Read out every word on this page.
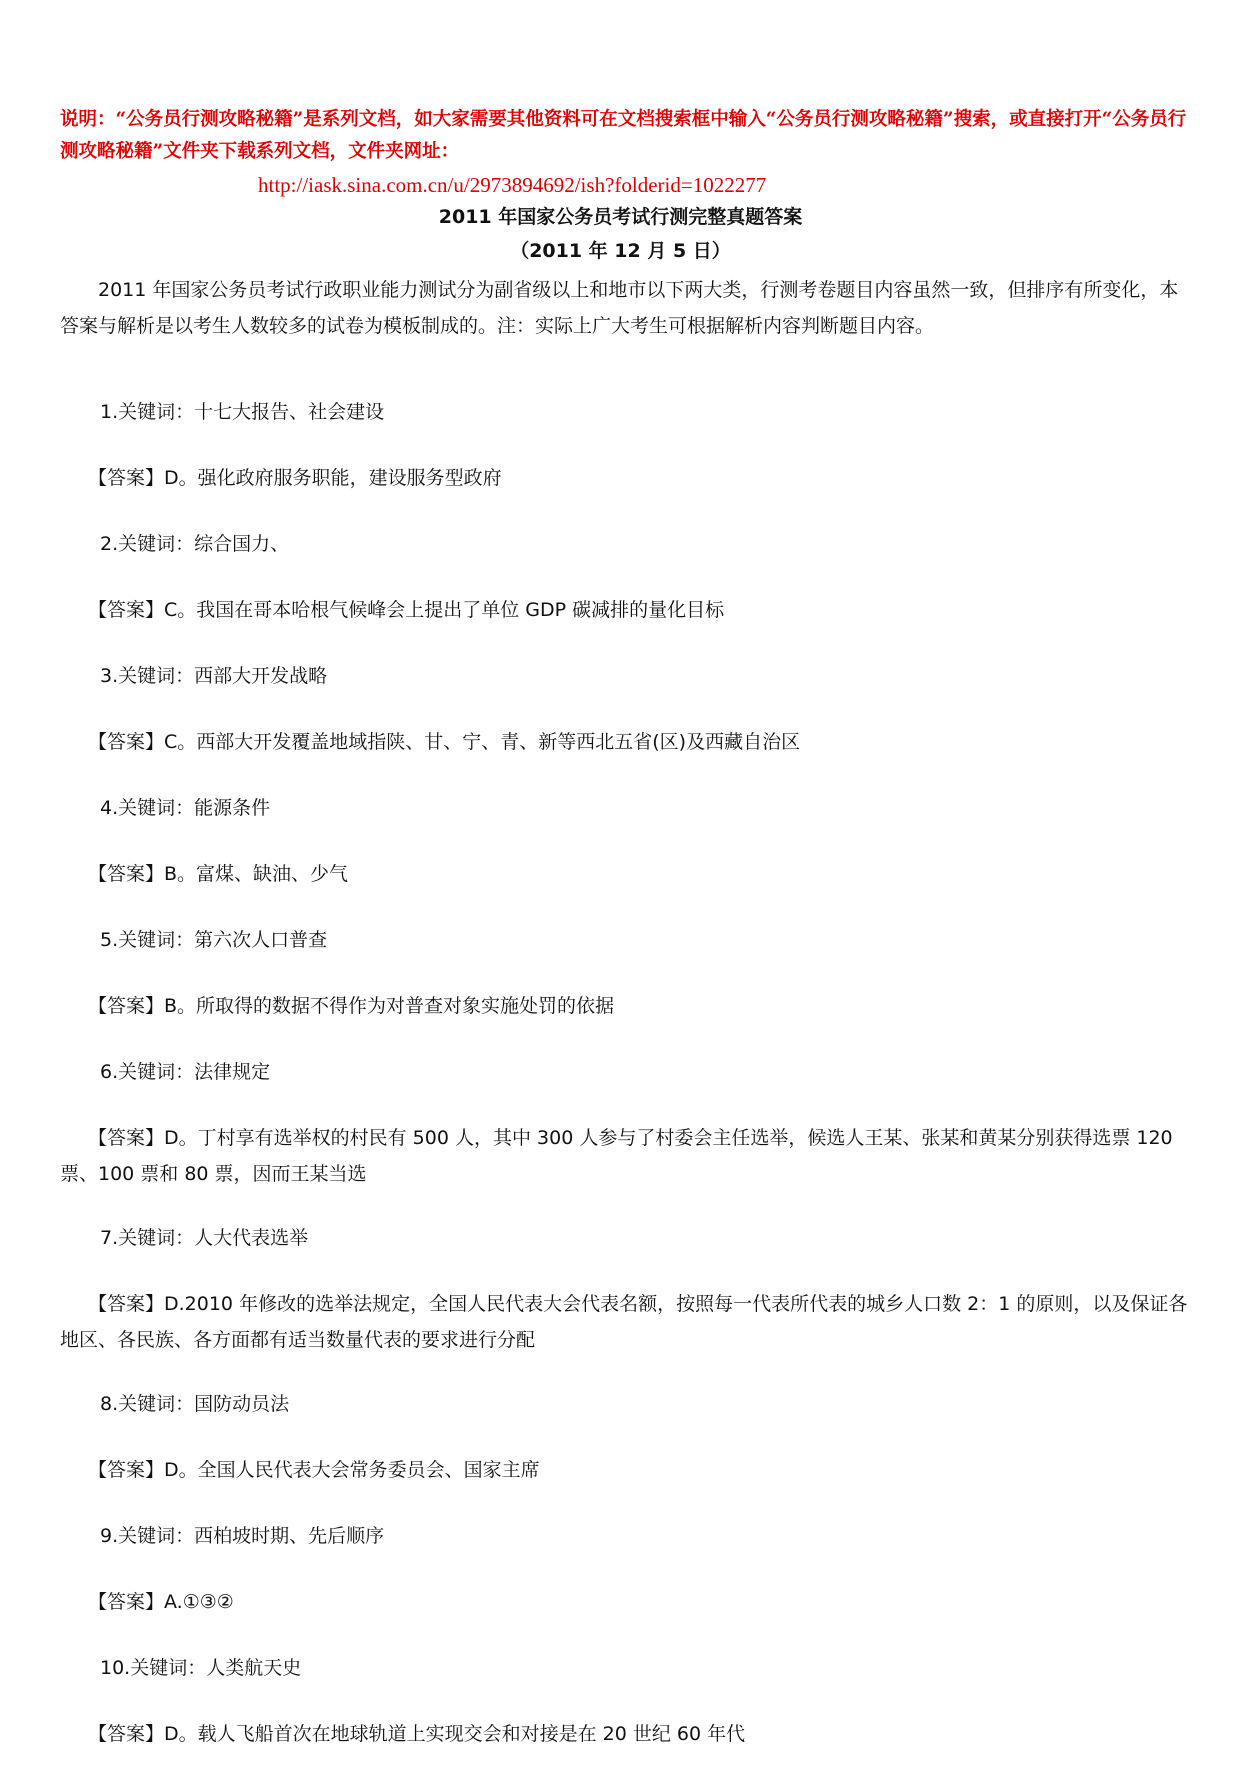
说明：“公务员行测攻略秘籍”是系列文档，如大家需要其他资料可在文档搜索框中输入“公务员行测攻略秘籍”搜索，或直接打开“公务员行测攻略秘籍”文件夹下载系列文档，文件夹网址：
http://iask.sina.com.cn/u/2973894692/ish?folderid=1022277
2011 年国家公务员考试行测完整真题答案
（2011 年 12 月 5 日）
2011 年国家公务员考试行政职业能力测试分为副省级以上和地市以下两大类，行测考卷题目内容虽然一致，但排序有所变化，本答案与解析是以考生人数较多的试卷为模板制成的。注：实际上广大考生可根据解析内容判断题目内容。
1.关键词：十七大报告、社会建设
【答案】D。强化政府服务职能，建设服务型政府
2.关键词：综合国力、
【答案】C。我国在哥本哈根气候峰会上提出了单位 GDP 碳减排的量化目标
3.关键词：西部大开发战略
【答案】C。西部大开发覆盖地域指陕、甘、宁、青、新等西北五省(区)及西藏自治区
4.关键词：能源条件
【答案】B。富煤、缺油、少气
5.关键词：第六次人口普查
【答案】B。所取得的数据不得作为对普查对象实施处罚的依据
6.关键词：法律规定
【答案】D。丁村享有选举权的村民有 500 人，其中 300 人参与了村委会主任选举，候选人王某、张某和黄某分别获得选票 120 票、100 票和 80 票，因而王某当选
7.关键词：人大代表选举
【答案】D.2010 年修改的选举法规定，全国人民代表大会代表名额，按照每一代表所代表的城乡人口数 2：1 的原则，以及保证各地区、各民族、各方面都有适当数量代表的要求进行分配
8.关键词：国防动员法
【答案】D。全国人民代表大会常务委员会、国家主席
9.关键词：西柏坡时期、先后顺序
【答案】A.①③②
10.关键词：人类航天史
【答案】D。载人飞船首次在地球轨道上实现交会和对接是在 20 世纪 60 年代
